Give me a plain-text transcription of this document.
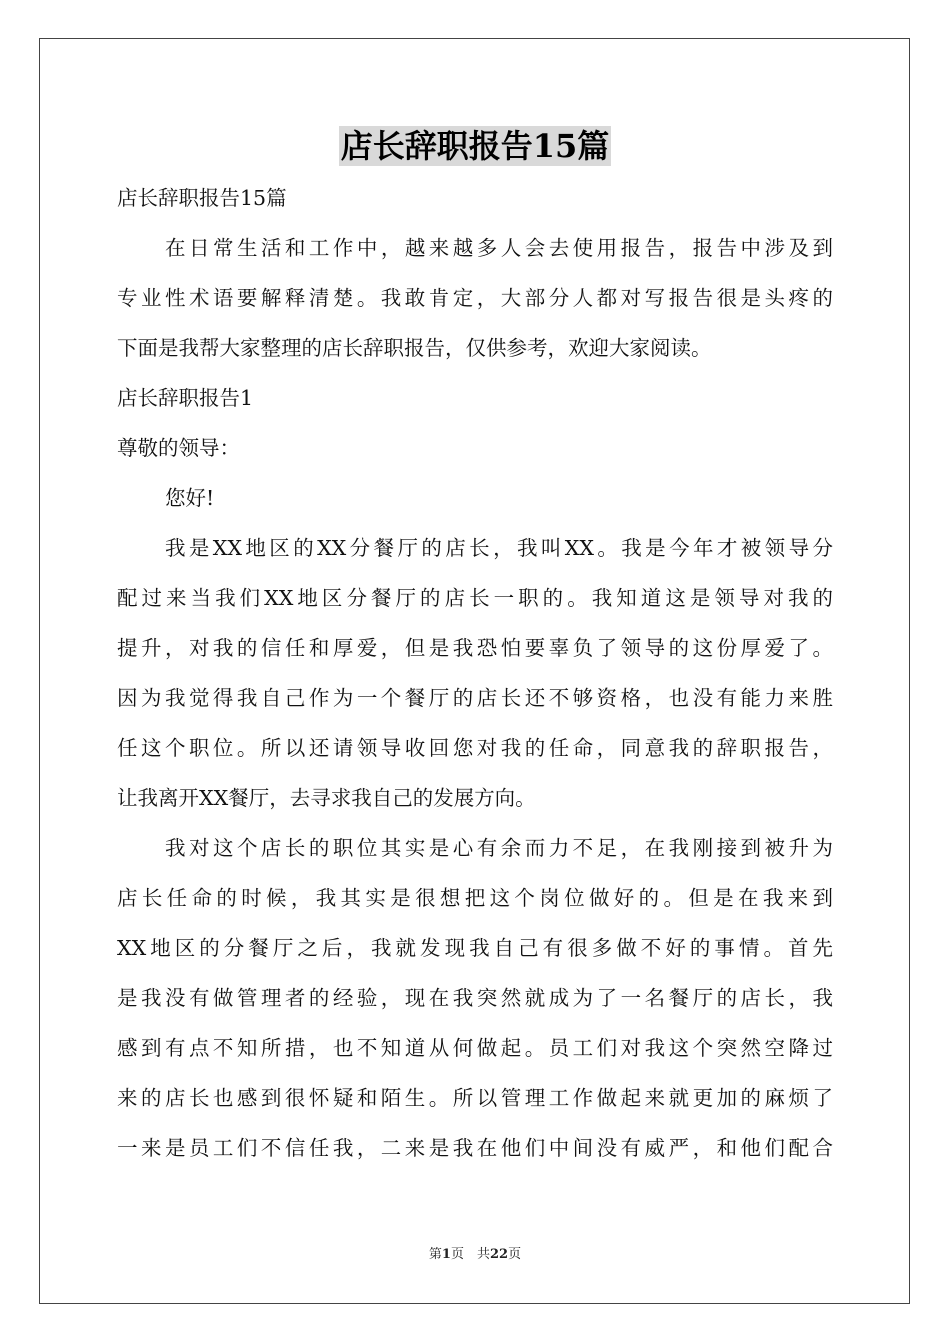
店长辞职报告15篇
店长辞职报告15篇
在日常生活和工作中，越来越多人会去使用报告，报告中涉及到
专业性术语要解释清楚。我敢肯定，大部分人都对写报告很是头疼的
下面是我帮大家整理的店长辞职报告，仅供参考，欢迎大家阅读。
店长辞职报告1
尊敬的领导：
您好!
我是XX地区的XX分餐厅的店长，我叫XX。我是今年才被领导分
配过来当我们XX地区分餐厅的店长一职的。我知道这是领导对我的
提升，对我的信任和厚爱，但是我恐怕要辜负了领导的这份厚爱了。
因为我觉得我自己作为一个餐厅的店长还不够资格，也没有能力来胜
任这个职位。所以还请领导收回您对我的任命，同意我的辞职报告，
让我离开XX餐厅，去寻求我自己的发展方向。
我对这个店长的职位其实是心有余而力不足，在我刚接到被升为
店长任命的时候，我其实是很想把这个岗位做好的。但是在我来到
XX地区的分餐厅之后，我就发现我自己有很多做不好的事情。首先
是我没有做管理者的经验，现在我突然就成为了一名餐厅的店长，我
感到有点不知所措，也不知道从何做起。员工们对我这个突然空降过
来的店长也感到很怀疑和陌生。所以管理工作做起来就更加的麻烦了
一来是员工们不信任我，二来是我在他们中间没有威严，和他们配合
第1页　共22页
